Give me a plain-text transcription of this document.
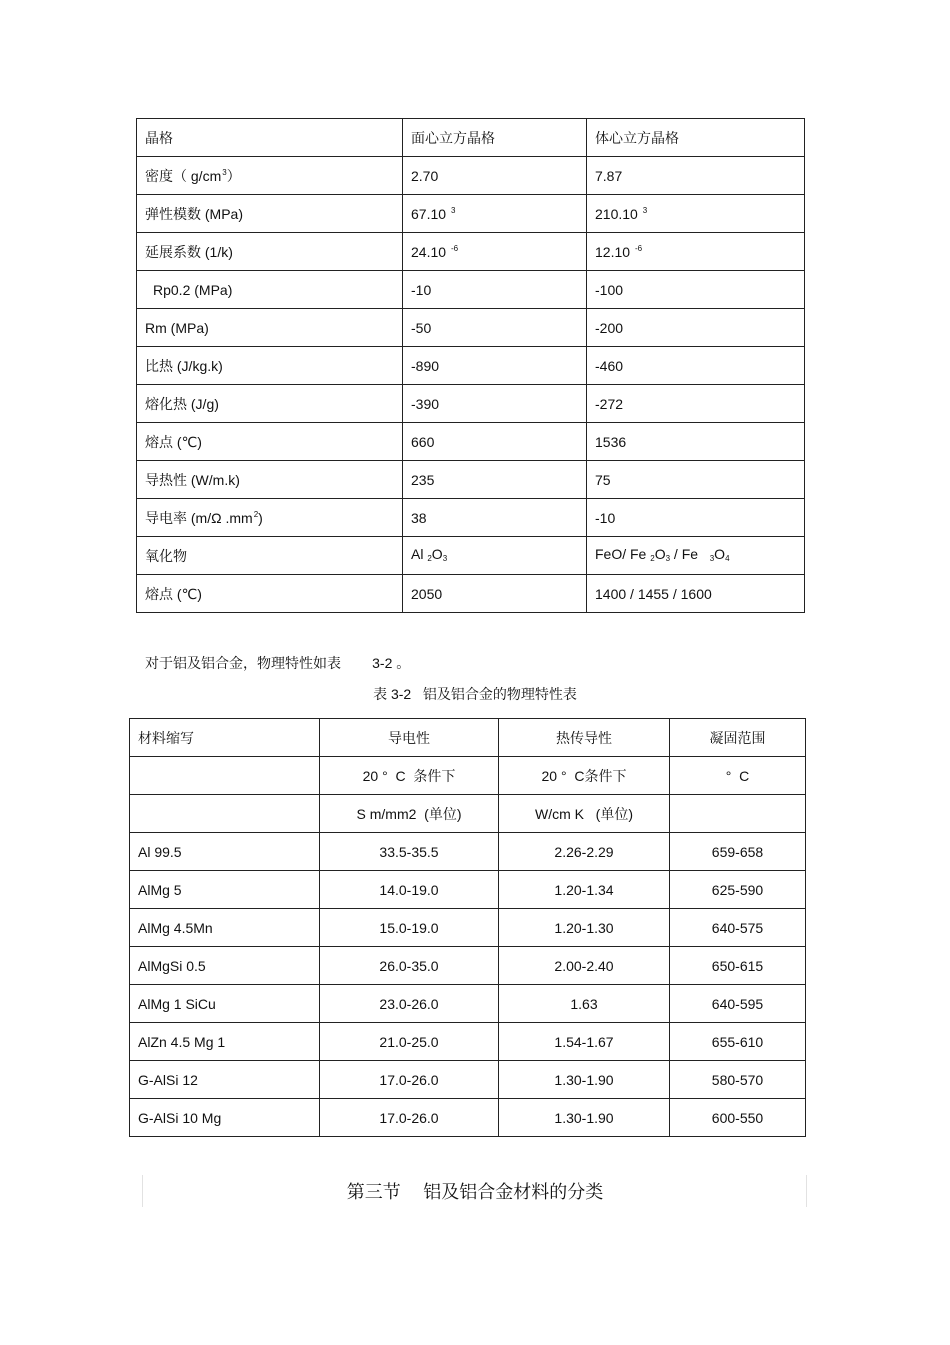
晶格	面心立方晶格	体心立方晶格
密度（ $g/cm^3$）	2.70	7.87
弹性模数 (MPa)	67.10 $^3$	210.10 $^3$
延展系数 (1/k)	24.10 $^{-6}$	12.10 $^{-6}$
Rp0.2 (MPa)	-10	-100
Rm (MPa)	-50	-200
比热 (J/kg.k)	-890	-460
熔化热 (J/g)	-390	-272
熔点 (℃)	660	1536
导热性 (W/m.k)	235	75
导电率 (m/Ω $.mm^2$)	38	-10
氧化物	Al $_2O_3$	FeO/ Fe $_2O_3$ / Fe   $_3O_4$
熔点 (℃)	2050	1400 / 1455 / 1600
对于铝及铝合金，物理特性如表        3-2 。
表 3-2   铝及铝合金的物理特性表
材料缩写	导电性	热传导性	凝固范围
	20 °  C  条件下	20 °  C条件下	°  C
	S m/mm2  (单位)	W/cm K   (单位)	
Al 99.5	33.5-35.5	2.26-2.29	659-658
AlMg 5	14.0-19.0	1.20-1.34	625-590
AlMg 4.5Mn	15.0-19.0	1.20-1.30	640-575
AlMgSi 0.5	26.0-35.0	2.00-2.40	650-615
AlMg 1 SiCu	23.0-26.0	1.63	640-595
AlZn 4.5 Mg 1	21.0-25.0	1.54-1.67	655-610
G-AlSi 12	17.0-26.0	1.30-1.90	580-570
G-AlSi 10 Mg	17.0-26.0	1.30-1.90	600-550
第三节     铝及铝合金材料的分类
